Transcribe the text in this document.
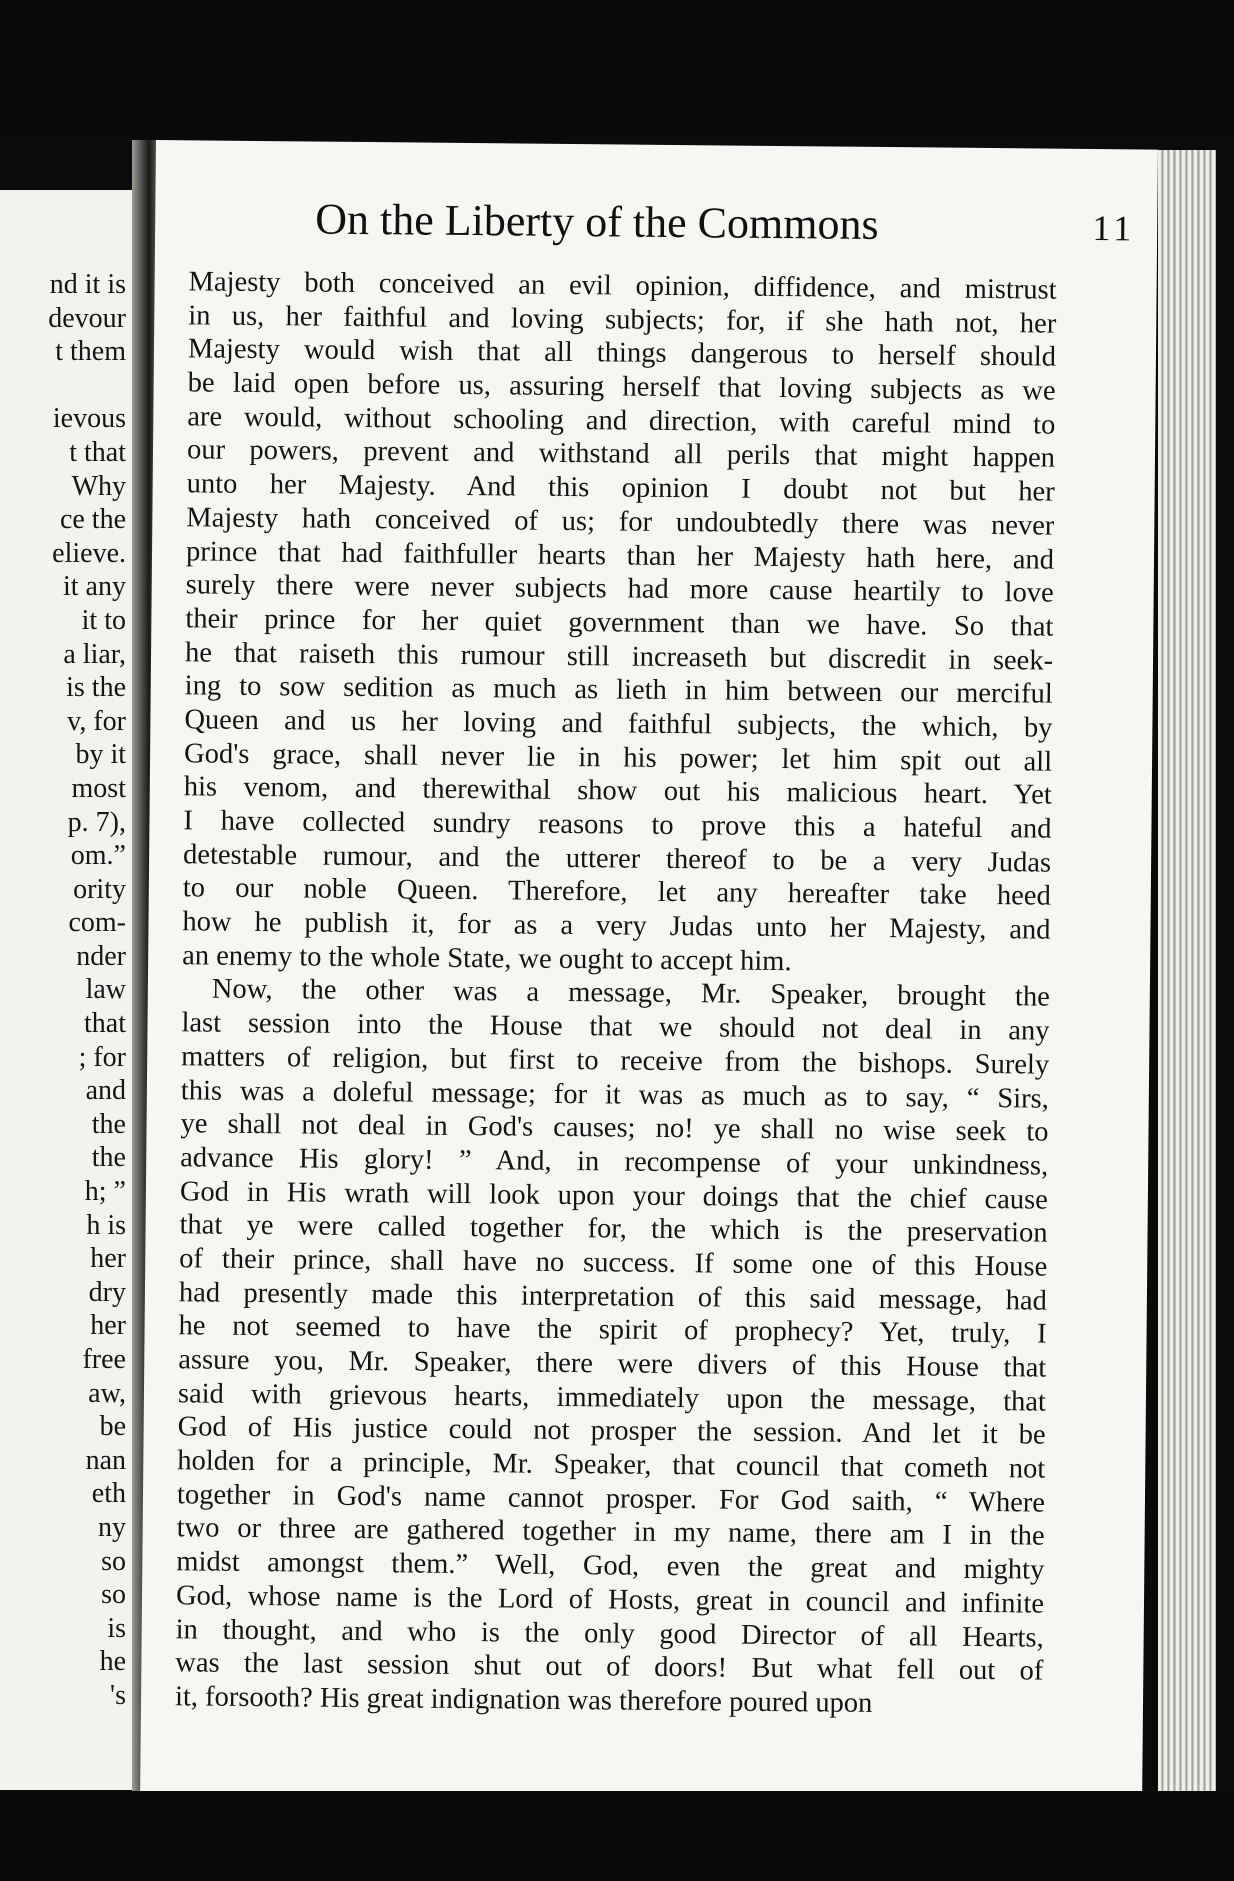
nd it is
devour
t them

ievous
t that
Why
ce the
elieve.
it any
it to
a liar,
is the
v, for
by it
most
p. 7),
om.”
ority
com-
nder
law
that
; for
and
the
the
h; ”
h is
her
dry
her
free
aw,
be
nan
eth
ny
so
so
is
he
's
On the Liberty of the Commons	11
Majesty both conceived an evil opinion, diffidence, and mistrust
in us, her faithful and loving subjects; for, if she hath not, her
Majesty would wish that all things dangerous to herself should
be laid open before us, assuring herself that loving subjects as we
are would, without schooling and direction, with careful mind to
our powers, prevent and withstand all perils that might happen
unto her Majesty. And this opinion I doubt not but her
Majesty hath conceived of us; for undoubtedly there was never
prince that had faithfuller hearts than her Majesty hath here, and
surely there were never subjects had more cause heartily to love
their prince for her quiet government than we have. So that
he that raiseth this rumour still increaseth but discredit in seek-
ing to sow sedition as much as lieth in him between our merciful
Queen and us her loving and faithful subjects, the which, by
God's grace, shall never lie in his power; let him spit out all
his venom, and therewithal show out his malicious heart. Yet
I have collected sundry reasons to prove this a hateful and
detestable rumour, and the utterer thereof to be a very Judas
to our noble Queen. Therefore, let any hereafter take heed
how he publish it, for as a very Judas unto her Majesty, and
an enemy to the whole State, we ought to accept him.
Now, the other was a message, Mr. Speaker, brought the
last session into the House that we should not deal in any
matters of religion, but first to receive from the bishops. Surely
this was a doleful message; for it was as much as to say, “ Sirs,
ye shall not deal in God's causes; no! ye shall no wise seek to
advance His glory! ” And, in recompense of your unkindness,
God in His wrath will look upon your doings that the chief cause
that ye were called together for, the which is the preservation
of their prince, shall have no success. If some one of this House
had presently made this interpretation of this said message, had
he not seemed to have the spirit of prophecy? Yet, truly, I
assure you, Mr. Speaker, there were divers of this House that
said with grievous hearts, immediately upon the message, that
God of His justice could not prosper the session. And let it be
holden for a principle, Mr. Speaker, that council that cometh not
together in God's name cannot prosper. For God saith, “ Where
two or three are gathered together in my name, there am I in the
midst amongst them.” Well, God, even the great and mighty
God, whose name is the Lord of Hosts, great in council and infinite
in thought, and who is the only good Director of all Hearts,
was the last session shut out of doors! But what fell out of
it, forsooth? His great indignation was therefore poured upon
